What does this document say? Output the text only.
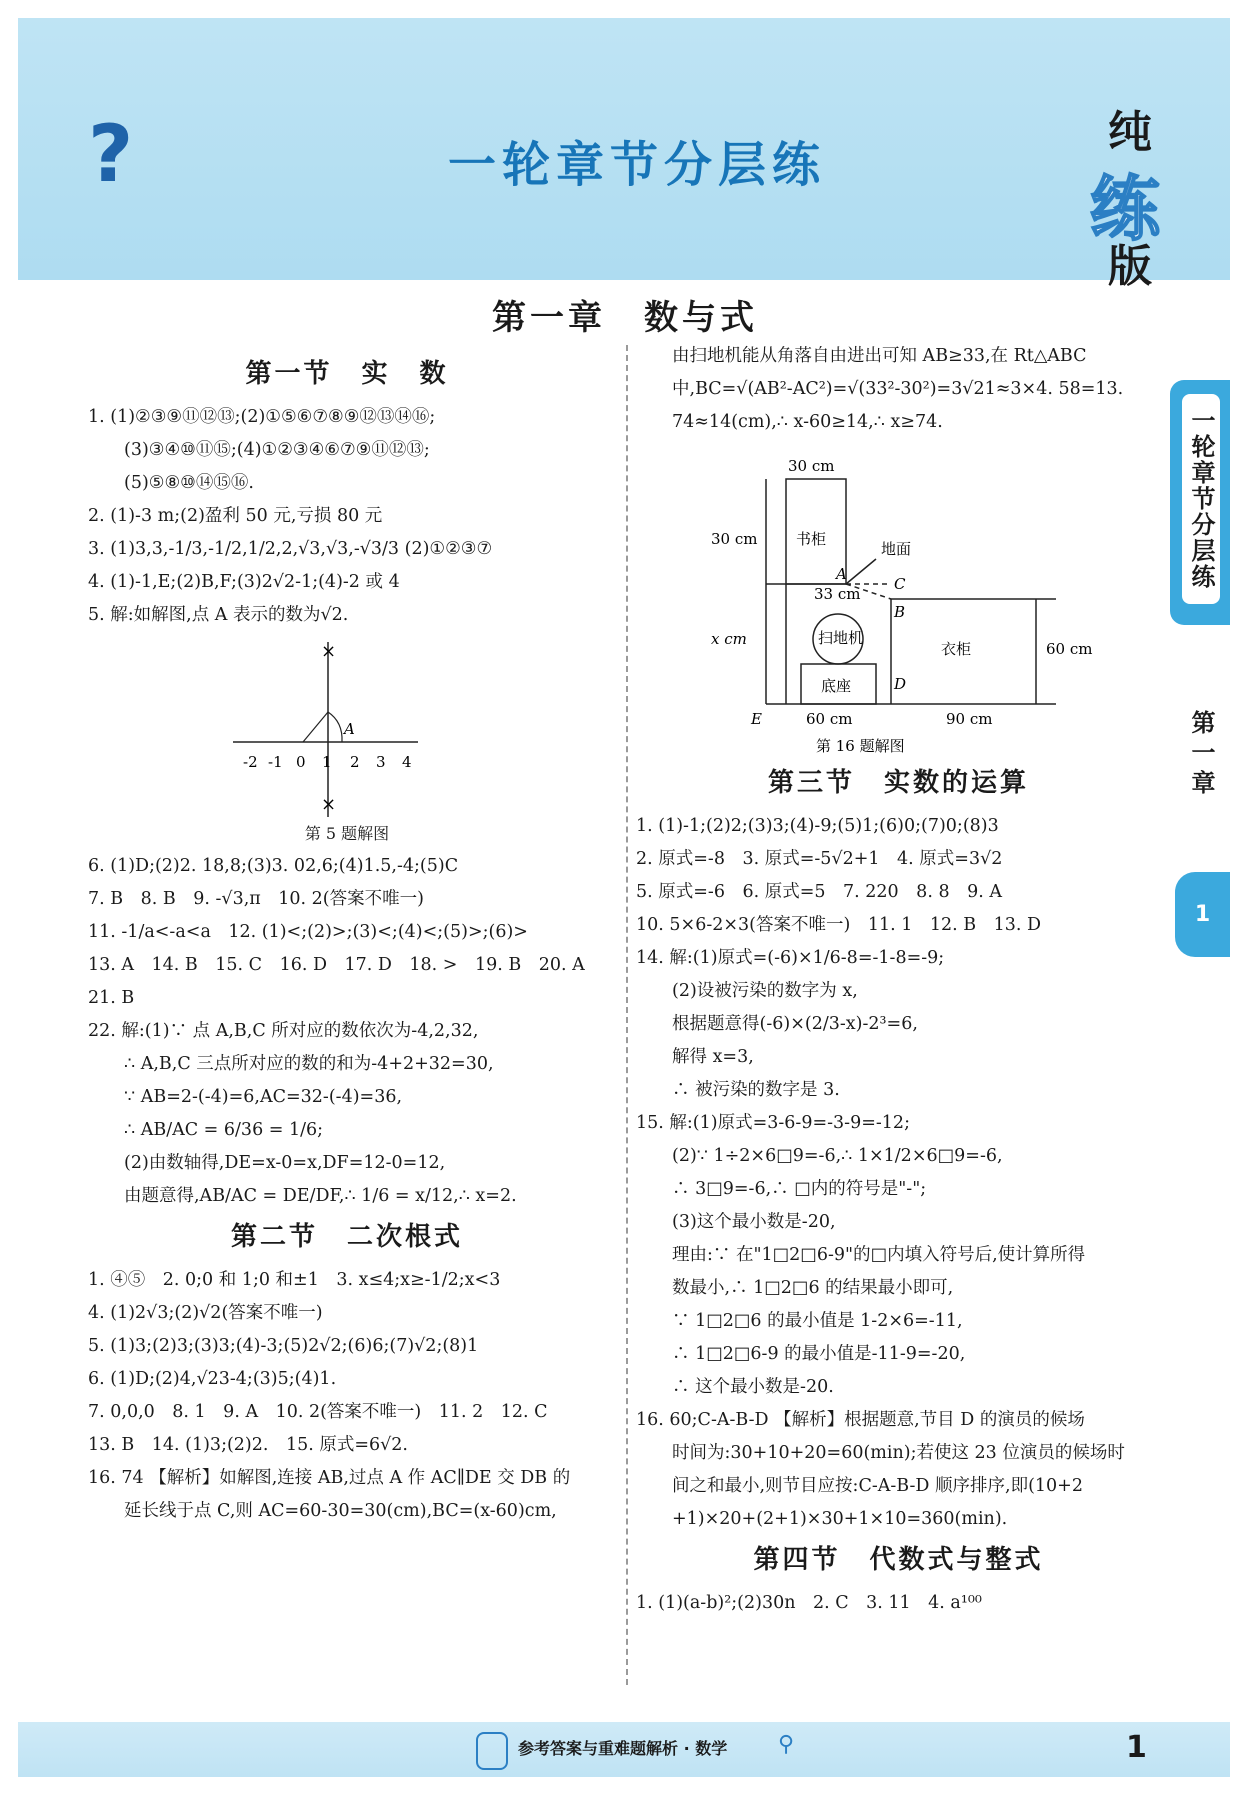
?	一轮章节分层练
纯
练
版
第一章　数与式
第一节　实　数
1. (1)②③⑨⑪⑫⑬;(2)①⑤⑥⑦⑧⑨⑫⑬⑭⑯;
(3)③④⑩⑪⑮;(4)①②③④⑥⑦⑨⑪⑫⑬;
(5)⑤⑧⑩⑭⑮⑯.
2. (1)-3 m;(2)盈利 50 元,亏损 80 元
3. (1)3,3,-1/3,-1/2,1/2,2,√3,√3,-√3/3 (2)①②③⑦
4. (1)-1,E;(2)B,F;(3)2√2-1;(4)-2 或 4
5. 解:如解图,点 A 表示的数为√2.
×
×
-2 -1 0 1 2 3 4
A
第 5 题解图
6. (1)D;(2)2. 18,8;(3)3. 02,6;(4)1.5,-4;(5)C
7. B　8. B　9. -√3,π　10. 2(答案不唯一)
11. -1/a<-a<a　12. (1)<;(2)>;(3)<;(4)<;(5)>;(6)>
13. A　14. B　15. C　16. D　17. D　18. >　19. B　20. A
21. B
22. 解:(1)∵ 点 A,B,C 所对应的数依次为-4,2,32,
∴ A,B,C 三点所对应的数的和为-4+2+32=30,
∵ AB=2-(-4)=6,AC=32-(-4)=36,
∴ AB/AC = 6/36 = 1/6;
(2)由数轴得,DE=x-0=x,DF=12-0=12,
由题意得,AB/AC = DE/DF,∴ 1/6 = x/12,∴ x=2.
第二节　二次根式
1. ④⑤　2. 0;0 和 1;0 和±1　3. x≤4;x≥-1/2;x<3
4. (1)2√3;(2)√2(答案不唯一)
5. (1)3;(2)3;(3)3;(4)-3;(5)2√2;(6)6;(7)√2;(8)1
6. (1)D;(2)4,√23-4;(3)5;(4)1.
7. 0,0,0　8. 1　9. A　10. 2(答案不唯一)　11. 2　12. C
13. B　14. (1)3;(2)2.　15. 原式=6√2.
16. 74 【解析】如解图,连接 AB,过点 A 作 AC∥DE 交 DB 的
延长线于点 C,则 AC=60-30=30(cm),BC=(x-60)cm,
由扫地机能从角落自由进出可知 AB≥33,在 Rt△ABC
中,BC=√(AB²-AC²)=√(33²-30²)=3√21≈3×4. 58=13.
74≈14(cm),∴ x-60≥14,∴ x≥74.
30 cm
30 cm	书柜
地面
A
C
B
33 cm
扫地机
底座
衣柜
x cm
60 cm
E
D
60 cm	90 cm
第 16 题解图
第三节　实数的运算
1. (1)-1;(2)2;(3)3;(4)-9;(5)1;(6)0;(7)0;(8)3
2. 原式=-8　3. 原式=-5√2+1　4. 原式=3√2
5. 原式=-6　6. 原式=5　7. 220　8. 8　9. A
10. 5×6-2×3(答案不唯一)　11. 1　12. B　13. D
14. 解:(1)原式=(-6)×1/6-8=-1-8=-9;
(2)设被污染的数字为 x,
根据题意得(-6)×(2/3-x)-2³=6,
解得 x=3,
∴ 被污染的数字是 3.
15. 解:(1)原式=3-6-9=-3-9=-12;
(2)∵ 1÷2×6□9=-6,∴ 1×1/2×6□9=-6,
∴ 3□9=-6,∴ □内的符号是"-";
(3)这个最小数是-20,
理由:∵ 在"1□2□6-9"的□内填入符号后,使计算所得
数最小,∴ 1□2□6 的结果最小即可,
∵ 1□2□6 的最小值是 1-2×6=-11,
∴ 1□2□6-9 的最小值是-11-9=-20,
∴ 这个最小数是-20.
16. 60;C-A-B-D 【解析】根据题意,节目 D 的演员的候场
时间为:30+10+20=60(min);若使这 23 位演员的候场时
间之和最小,则节目应按:C-A-B-D 顺序排序,即(10+2
+1)×20+(2+1)×30+1×10=360(min).
第四节　代数式与整式
1. (1)(a-b)²;(2)30n　2. C　3. 11　4. a¹⁰⁰
一轮章节分层练
第一章
1
参考答案与重难题解析 · 数学 ⚲	1
